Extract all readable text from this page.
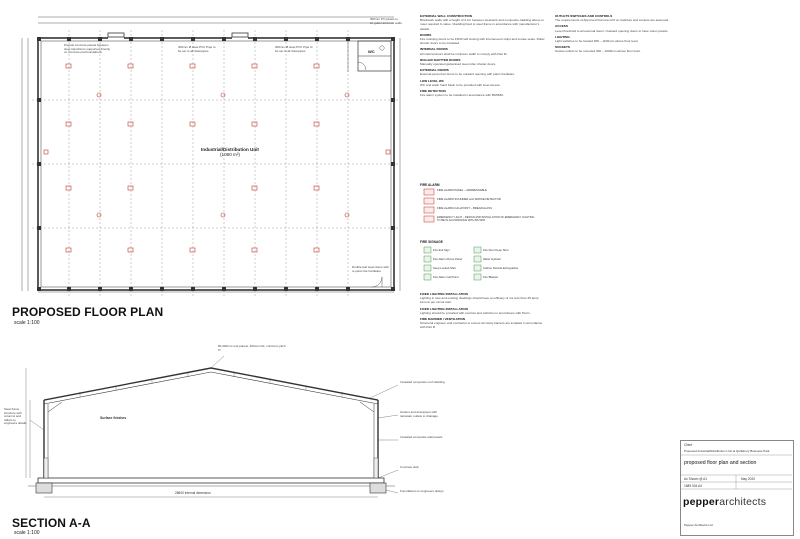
28600 internal dimension
Industrial/Distribution Unit
(1060 m²)
WC
Precast concrete panels between steel stanchions supported directly on concrete pad foundations
300mm Ø steel PVC Pipe to be set to all downpipes
300mm Ø steel PVC Pipe to be set to all downpipes
300mm PV panels to be gutter and over walls
Double leaf steel doors with to panic bar hardware
PROPOSED FLOOR PLAN
scale 1:100
80-200mm roof panels, 200mm thk, minimum pitch 6°
Insulated composite roof cladding
Gutters and downpipes with rainwater outlets to drainage
Insulated composite wall panels
Concrete slab
Foundations to engineers design
Steel frame structure with columns and rafters to engineers details
Surface finishes
SECTION A-A
scale 1:100

EXTERNAL WALL CONSTRUCTION
Blockwork walls with a height of 2.1m between steelwork and composite cladding above to meet required U-value. Cladding fixed to steel frame in accordance with manufacturer's details.

DOORS
Fire resisting doors to be FD30 self closing with intumescent strips and smoke seals. Roller shutter doors to be insulated.

INTERNAL DOORS
All internal doors shall be minimum width to comply with Part M.

ROLLER SHUTTER DOORS
Manually operated galvanised steel roller shutter doors.

EXTERNAL DOORS
External personnel doors to be outward opening with panic hardware.

LOW LEVEL WC
WC and wash hand basin to be provided with level access.

FIRE DETECTION
Fire alarm system to be installed in accordance with BS5839.

FIRE ALARM
FIRE ALARM PANEL – ADDRESSABLE
FIRE ALARM SOUNDER and SMOKE DETECTOR
FIRE ALARM CALLPOINT – BREAKGLASS
EMERGENCY LIGHT – DESIGN AND INSTALLATION OF EMERGENCY LIGHTING TO BE IN ACCORDANCE WITH BS 5266
FIRE SIGNAGE
Fire Exit Sign
Fire Alarm Above Panel
Keep Locked Shut
Fire Alarm Call Point
Fire Door Keep Shut
Water Hydrant
Carbon Dioxide Extinguisher
Fire Blanket

FIXED LIGHTING INSTALLATION
Lighting in new and existing dwellings should have an efficacy of not less than 45 lamp lumens per circuit watt.

FIXED LIGHTING INSTALLATION
Lighting should be provided with controls and switches in accordance with Part L.

FIRE BARRIER / VENTILATION
Structural engineer and contractor to ensure all cavity barriers are installed in accordance with Part B.

OUTLETS SWITCHES AND CONTROLS
The requirements of Approved Document M on switches and sockets are assumed.

ACCESS
Level threshold to all external doors. Outward opening doors to have vision panels.

LIGHTING
Light switches to be located 900 – 1100mm above floor level.

SOCKETS
Socket outlets to be mounted 400 – 1000mm above floor level.

Client
Proposed Industrial/Distribution Unit at Quillsbury Business Park
proposed floor plan and section
As Shown @ A1	May 2020
1689 004 A4
Pepper Architects Ltd
pepperarchitects
